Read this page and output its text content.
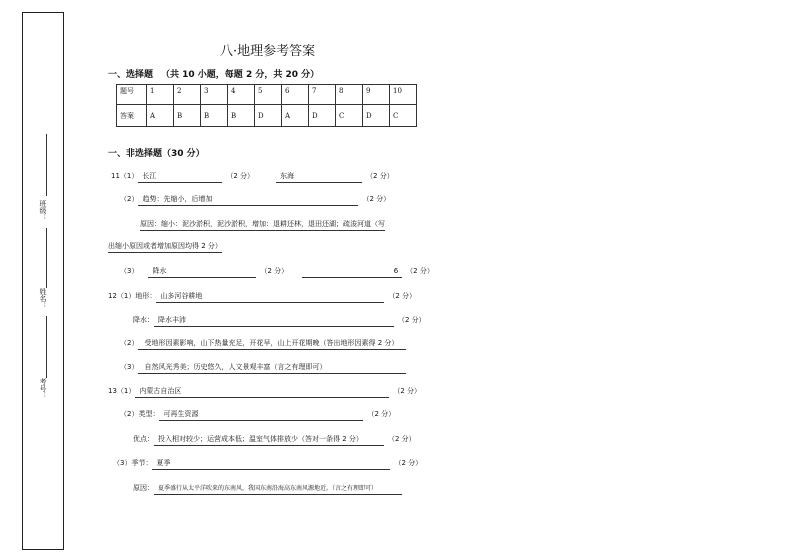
班级：
姓名：
考号：
八·地理参考答案
一、选择题 （共 10 小题，每题 2 分，共 20 分）
题号	1	2	3	4	5	6	7	8	9	10
答案	A	B	B	B	D	A	D	C	D	C
一、非选择题（30 分）
11（1） 长江	（2 分）	东海	（2 分）
（2） 趋势：先缩小，后增加	（2 分）
原因：缩小：泥沙淤积，泥沙淤积，增加：退耕还林，退田还湖；疏浚河道（写
出缩小原因或者增加原因均得 2 分）
（3） 降水	（2 分）	6 （2 分）
12（1）地形： 山多河谷耕地	（2 分）
降水： 降水丰沛	（2 分）
（2） 受地形因素影响，山下热量充足，开花早，山上开花期晚（答出地形因素得 2 分）
（3） 自然风光秀美；历史悠久，人文景观丰富（言之有理即可）
13（1） 内蒙古自治区	（2 分）
（2）类型： 可再生资源	（2 分）
优点： 投入相对较少；运营成本低；温室气体排放少（答对一条得 2 分）	（2 分）
（3）季节： 夏季	（2 分）
原因： 夏季盛行从太平洋吹来的东南风，我国东南沿海高东南风源地近。（言之有理即可）
